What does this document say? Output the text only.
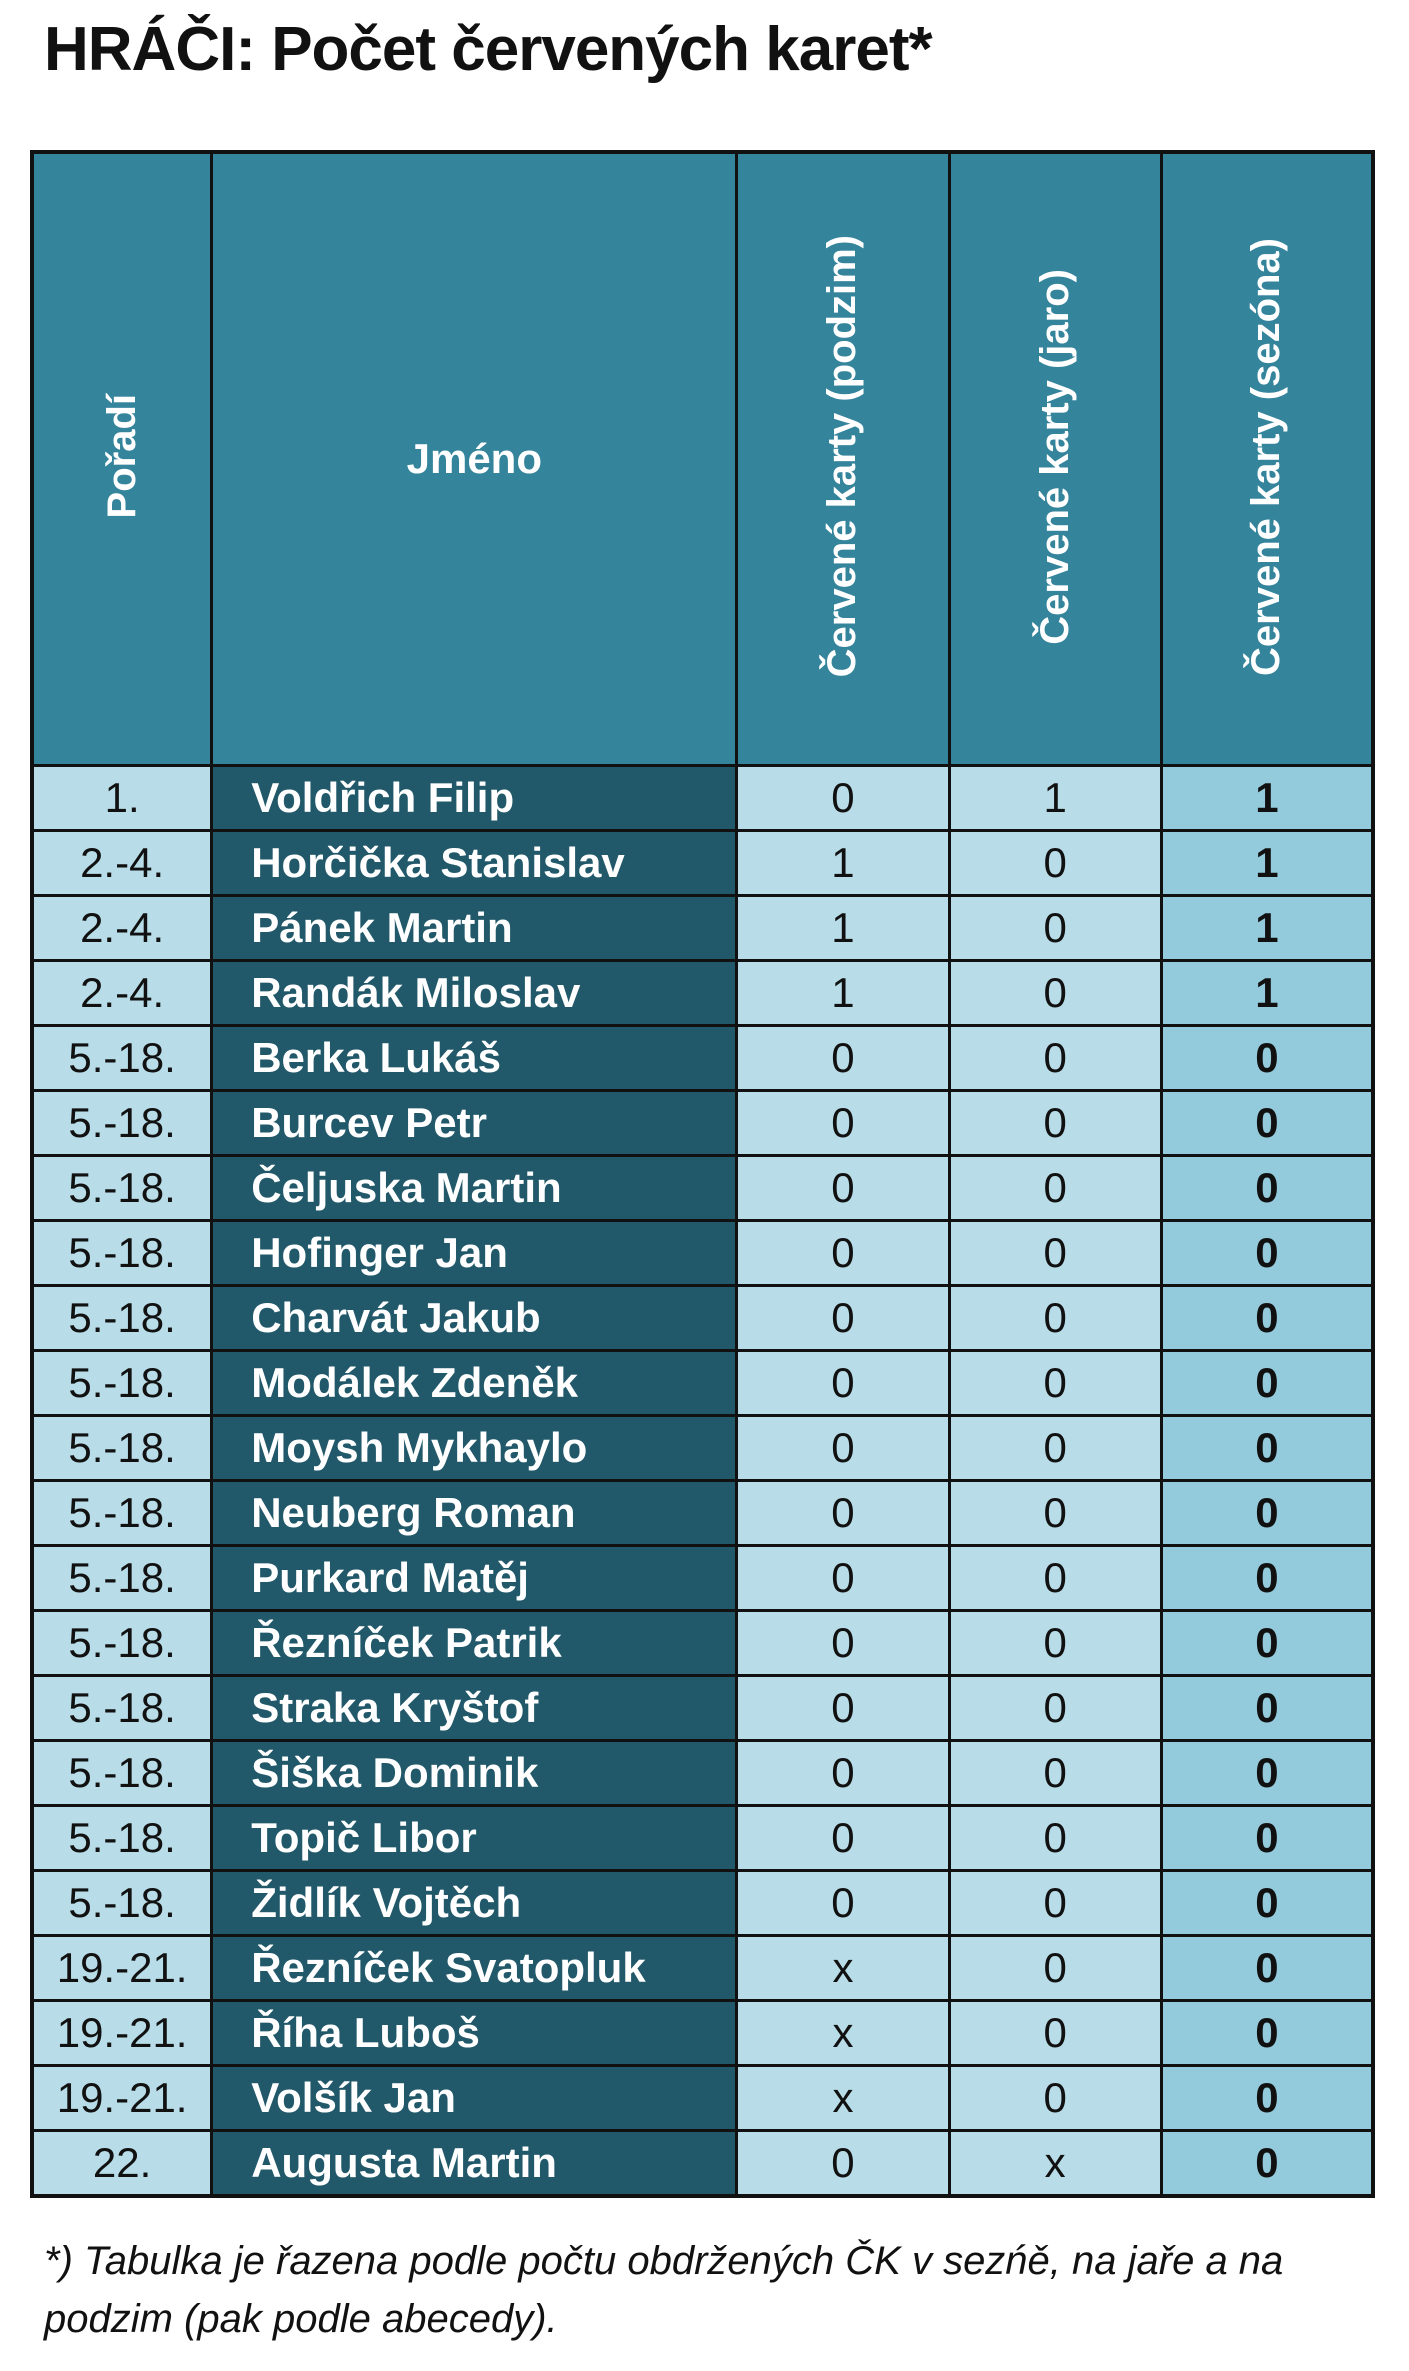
HRÁČI: Počet červených karet*
Pořadí	Jméno	Červené karty (podzim)	Červené karty (jaro)	Červené karty (sezóna)
1.	Voldřich Filip	0	1	1
2.-4.	Horčička Stanislav	1	0	1
2.-4.	Pánek Martin	1	0	1
2.-4.	Randák Miloslav	1	0	1
5.-18.	Berka Lukáš	0	0	0
5.-18.	Burcev Petr	0	0	0
5.-18.	Čeljuska Martin	0	0	0
5.-18.	Hofinger Jan	0	0	0
5.-18.	Charvát Jakub	0	0	0
5.-18.	Modálek Zdeněk	0	0	0
5.-18.	Moysh Mykhaylo	0	0	0
5.-18.	Neuberg Roman	0	0	0
5.-18.	Purkard Matěj	0	0	0
5.-18.	Řezníček Patrik	0	0	0
5.-18.	Straka Kryštof	0	0	0
5.-18.	Šiška Dominik	0	0	0
5.-18.	Topič Libor	0	0	0
5.-18.	Židlík Vojtěch	0	0	0
19.-21.	Řezníček Svatopluk	x	0	0
19.-21.	Říha Luboš	x	0	0
19.-21.	Volšík Jan	x	0	0
22.	Augusta Martin	0	x	0
*) Tabulka je řazena podle počtu obdržených ČK v sezńě, na jaře a na podzim (pak podle abecedy).
